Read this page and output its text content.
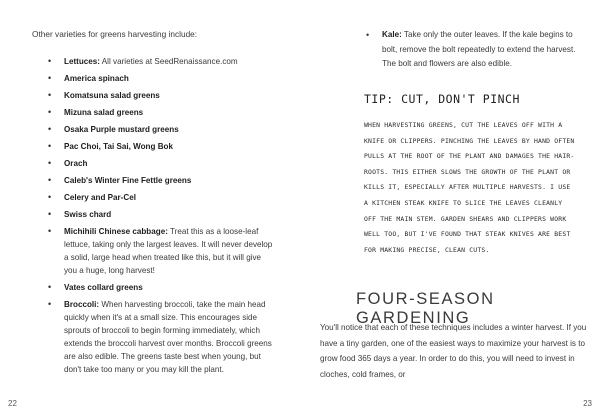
Other varieties for greens harvesting include:

• Lettuces: All varieties at SeedRenaissance.com
• America spinach
• Komatsuna salad greens
• Mizuna salad greens
• Osaka Purple mustard greens
• Pac Choi, Tai Sai, Wong Bok
• Orach
• Caleb's Winter Fine Fettle greens
• Celery and Par-Cel
• Swiss chard
• Michihili Chinese cabbage: Treat this as a loose-leaf lettuce, taking only the largest leaves. It will never develop a solid, large head when treated like this, but it will give you a huge, long harvest!
• Vates collard greens
• Broccoli: When harvesting broccoli, take the main head quickly when it's at a small size. This encourages side sprouts of broccoli to begin forming immediately, which extends the broccoli harvest over months. Broccoli greens are also edible. The greens taste best when young, but don't take too many or you may kill the plant.
22
• Kale: Take only the outer leaves. If the kale begins to bolt, remove the bolt repeatedly to extend the harvest. The bolt and flowers are also edible.
TIP: CUT, DON'T PINCH

WHEN HARVESTING GREENS, CUT THE LEAVES OFF WITH A KNIFE OR CLIPPERS. PINCHING THE LEAVES BY HAND OFTEN PULLS AT THE ROOT OF THE PLANT AND DAMAGES THE HAIR-ROOTS. THIS EITHER SLOWS THE GROWTH OF THE PLANT OR KILLS IT, ESPECIALLY AFTER MULTIPLE HARVESTS. I USE A KITCHEN STEAK KNIFE TO SLICE THE LEAVES CLEANLY OFF THE MAIN STEM. GARDEN SHEARS AND CLIPPERS WORK WELL TOO, BUT I'VE FOUND THAT STEAK KNIVES ARE BEST FOR MAKING PRECISE, CLEAN CUTS.

FOUR-SEASON GARDENING

You'll notice that each of these techniques includes a winter harvest. If you have a tiny garden, one of the easiest ways to maximize your harvest is to grow food 365 days a year. In order to do this, you will need to invest in cloches, cold frames, or

23
